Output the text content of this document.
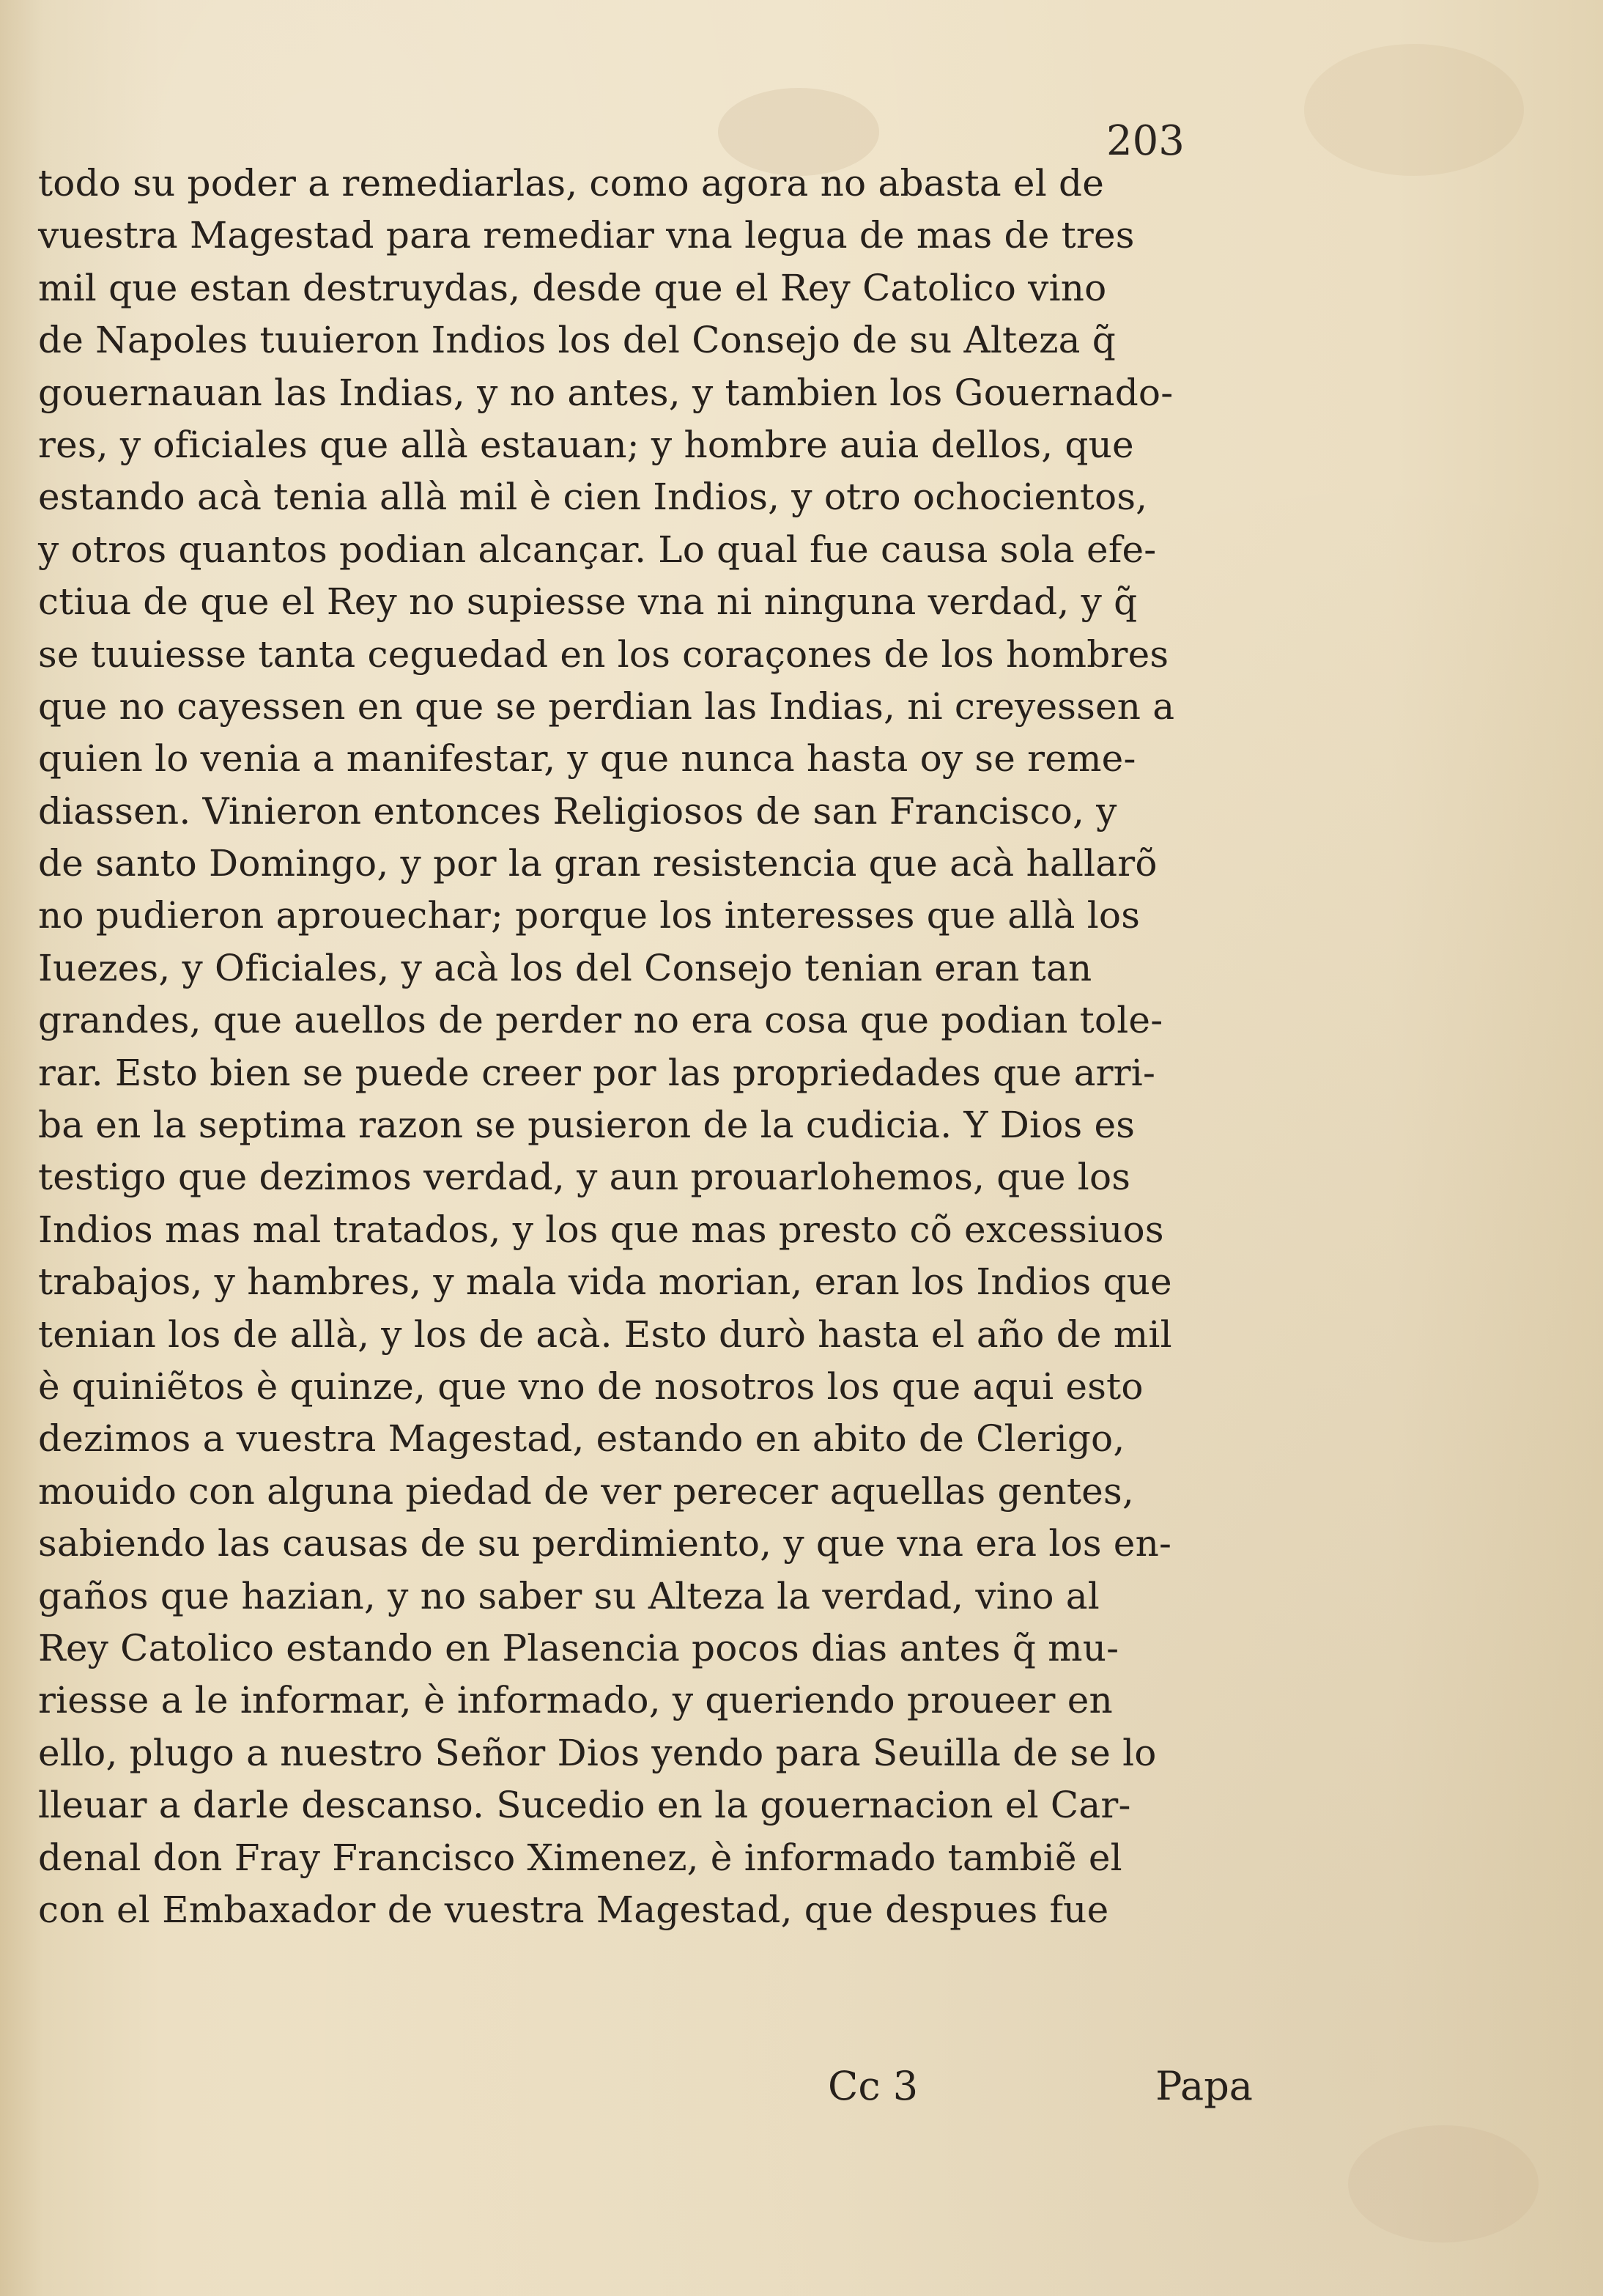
203
todo su poder a remediarlas, como agora no abasta el de
vuestra Magestad para remediar vna legua de mas de tres
mil que estan destruydas, desde que el Rey Catolico vino
de Napoles tuuieron Indios los del Consejo de su Alteza q̃
gouernauan las Indias, y no antes, y tambien los Gouernado-
res, y oficiales que allà estauan; y hombre auia dellos, que
estando acà tenia allà mil è cien Indios, y otro ochocientos,
y otros quantos podian alcançar. Lo qual fue causa sola efe-
ctiua de que el Rey no supiesse vna ni ninguna verdad, y q̃
se tuuiesse tanta ceguedad en los coraçones de los hombres
que no cayessen en que se perdian las Indias, ni creyessen a
quien lo venia a manifestar, y que nunca hasta oy se reme-
diassen. Vinieron entonces Religiosos de san Francisco, y
de santo Domingo, y por la gran resistencia que acà hallarõ
no pudieron aprouechar; porque los interesses que allà los
Iuezes, y Oficiales, y acà los del Consejo tenian eran tan
grandes, que auellos de perder no era cosa que podian tole-
rar. Esto bien se puede creer por las propriedades que arri-
ba en la septima razon se pusieron de la cudicia. Y Dios es
testigo que dezimos verdad, y aun prouarlohemos, que los
Indios mas mal tratados, y los que mas presto cõ excessiuos
trabajos, y hambres, y mala vida morian, eran los Indios que
tenian los de allà, y los de acà. Esto durò hasta el año de mil
è quiniẽtos è quinze, que vno de nosotros los que aqui esto
dezimos a vuestra Magestad, estando en abito de Clerigo,
mouido con alguna piedad de ver perecer aquellas gentes,
sabiendo las causas de su perdimiento, y que vna era los en-
gaños que hazian, y no saber su Alteza la verdad, vino al
Rey Catolico estando en Plasencia pocos dias antes q̃ mu-
riesse a le informar, è informado, y queriendo proueer en
ello, plugo a nuestro Señor Dios yendo para Seuilla de se lo
lleuar a darle descanso. Sucedio en la gouernacion el Car-
denal don Fray Francisco Ximenez, è informado tambiẽ el
con el Embaxador de vuestra Magestad, que despues fue
Cc 3	Papa
